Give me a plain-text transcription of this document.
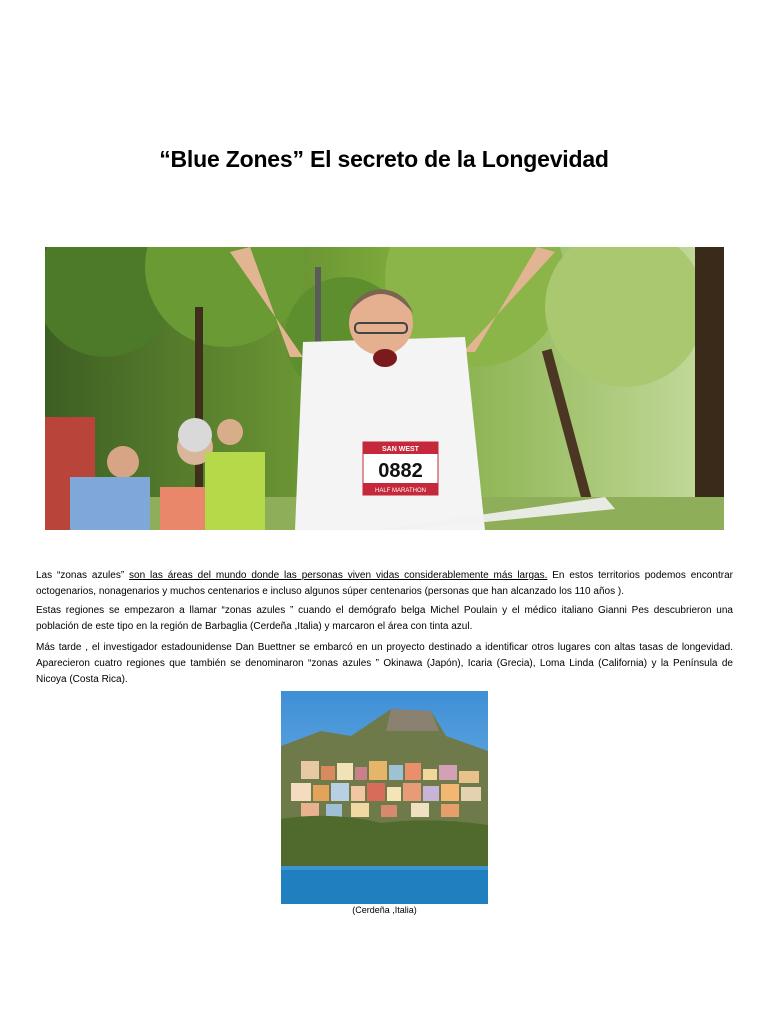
“Blue Zones” El secreto de la Longevidad
SAN WEST
0882
HALF MARATHON
Las “zonas azules” son las áreas del mundo donde las personas viven vidas considerablemente más largas. En estos territorios podemos encontrar octogenarios, nonagenarios y muchos centenarios e incluso algunos súper centenarios (personas que han alcanzado los 110 años ).
Estas regiones se empezaron a llamar “zonas azules ” cuando el demógrafo belga Michel Poulain y el médico italiano Gianni Pes descubrieron una población de este tipo en la región de Barbaglia (Cerdeña ,Italia) y marcaron el área con tinta azul.
Más tarde , el investigador estadounidense Dan Buettner se embarcó en un proyecto destinado a identificar otros lugares con altas tasas de longevidad. Aparecieron cuatro regiones que también se denominaron “zonas azules ” Okinawa (Japón), Icaria (Grecia), Loma Linda (California) y la Península de Nicoya (Costa Rica).
(Cerdeña ,Italia)
